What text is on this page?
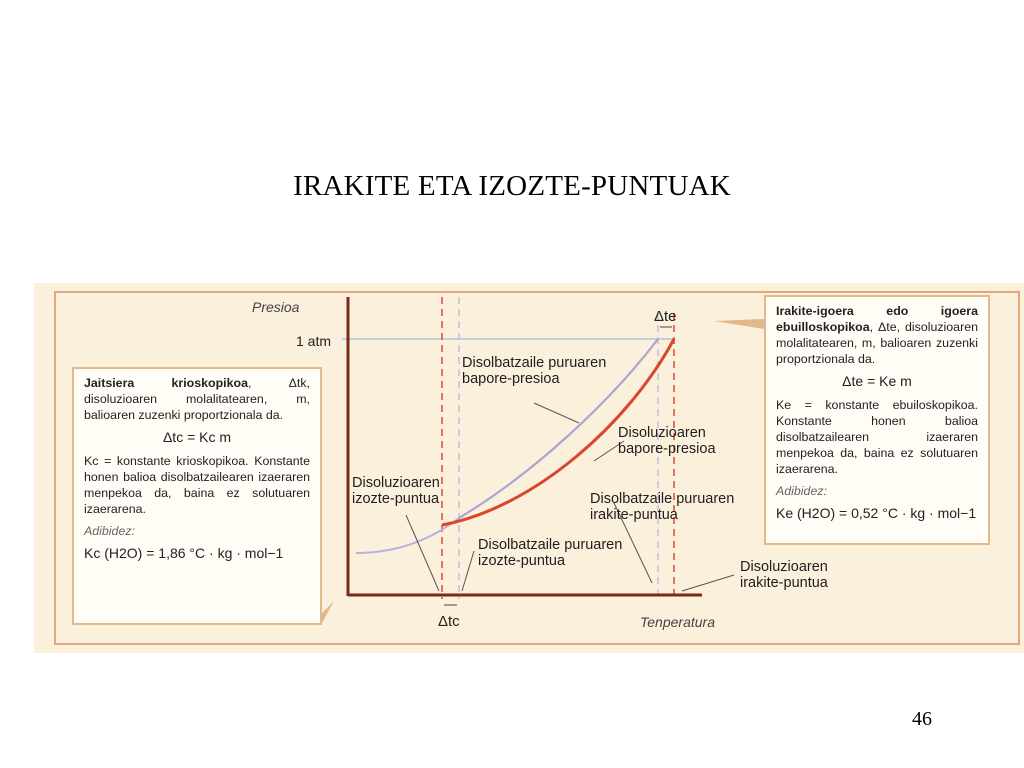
IRAKITE ETA IZOZTE-PUNTUAK
Presioa
1 atm
Tenperatura
Δte
Δtc
Disolbatzaile puruaren bapore-presioa
Disoluzioaren bapore-presioa
Disoluzioaren izozte-puntua	Disolbatzaile puruaren irakite-puntua
Disolbatzaile puruaren izozte-puntua	Disoluzioaren irakite-puntua
Jaitsiera krioskopikoa, Δtk, disoluzioaren molalitatearen, m, balioaren zuzenki proportzionala da.
Δtc = Kc m
Kc = konstante krioskopikoa. Konstante honen balioa disolbatzailearen izaeraren menpekoa da, baina ez solutuaren izaerarena.
Adibidez:
Kc (H2O) = 1,86 °C · kg · mol−1
Irakite-igoera edo igoera ebuilloskopikoa, Δte, disoluzioaren molalitatearen, m, balioaren zuzenki proportzionala da.
Δte = Ke m
Ke = konstante ebuiloskopikoa. Konstante honen balioa disolbatzailearen izaeraren menpekoa da, baina ez solutuaren izaerarena.
Adibidez:
Ke (H2O) = 0,52 °C · kg · mol−1
46
